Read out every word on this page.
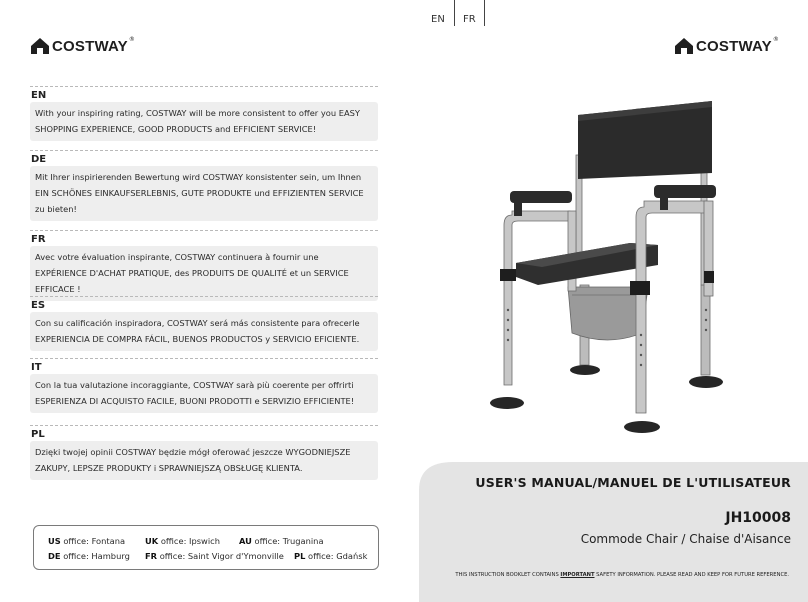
EN FR
COSTWAY ®	COSTWAY ®
EN
With your inspiring rating, COSTWAY will be more consistent to offer you EASY SHOPPING EXPERIENCE, GOOD PRODUCTS and EFFICIENT SERVICE!
DE
Mit Ihrer inspirierenden Bewertung wird COSTWAY konsistenter sein, um Ihnen EIN SCHÖNES EINKAUFSERLEBNIS, GUTE PRODUKTE und EFFIZIENTEN SERVICE zu bieten!
FR
Avec votre évaluation inspirante, COSTWAY continuera à fournir une EXPÉRIENCE D'ACHAT PRATIQUE, des PRODUITS DE QUALITÉ et un SERVICE EFFICACE !
ES
Con su calificación inspiradora, COSTWAY será más consistente para ofrecerle EXPERIENCIA DE COMPRA FÁCIL, BUENOS PRODUCTOS y SERVICIO EFICIENTE.
IT
Con la tua valutazione incoraggiante, COSTWAY sarà più coerente per offrirti ESPERIENZA DI ACQUISTO FACILE, BUONI PRODOTTI e SERVIZIO EFFICIENTE!
PL
Dzięki twojej opinii COSTWAY będzie mógł oferować jeszcze WYGODNIEJSZE ZAKUPY, LEPSZE PRODUKTY i SPRAWNIEJSZĄ OBSŁUGĘ KLIENTA.
US office: Fontana UK office: Ipswich AU office: Truganina
DE office: Hamburg FR office: Saint Vigor d'Ymonville PL office: Gdańsk
USER'S MANUAL/MANUEL DE L'UTILISATEUR
JH10008
Commode Chair / Chaise d'Aisance
THIS INSTRUCTION BOOKLET CONTAINS IMPORTANT SAFETY INFORMATION. PLEASE READ AND KEEP FOR FUTURE REFERENCE.
